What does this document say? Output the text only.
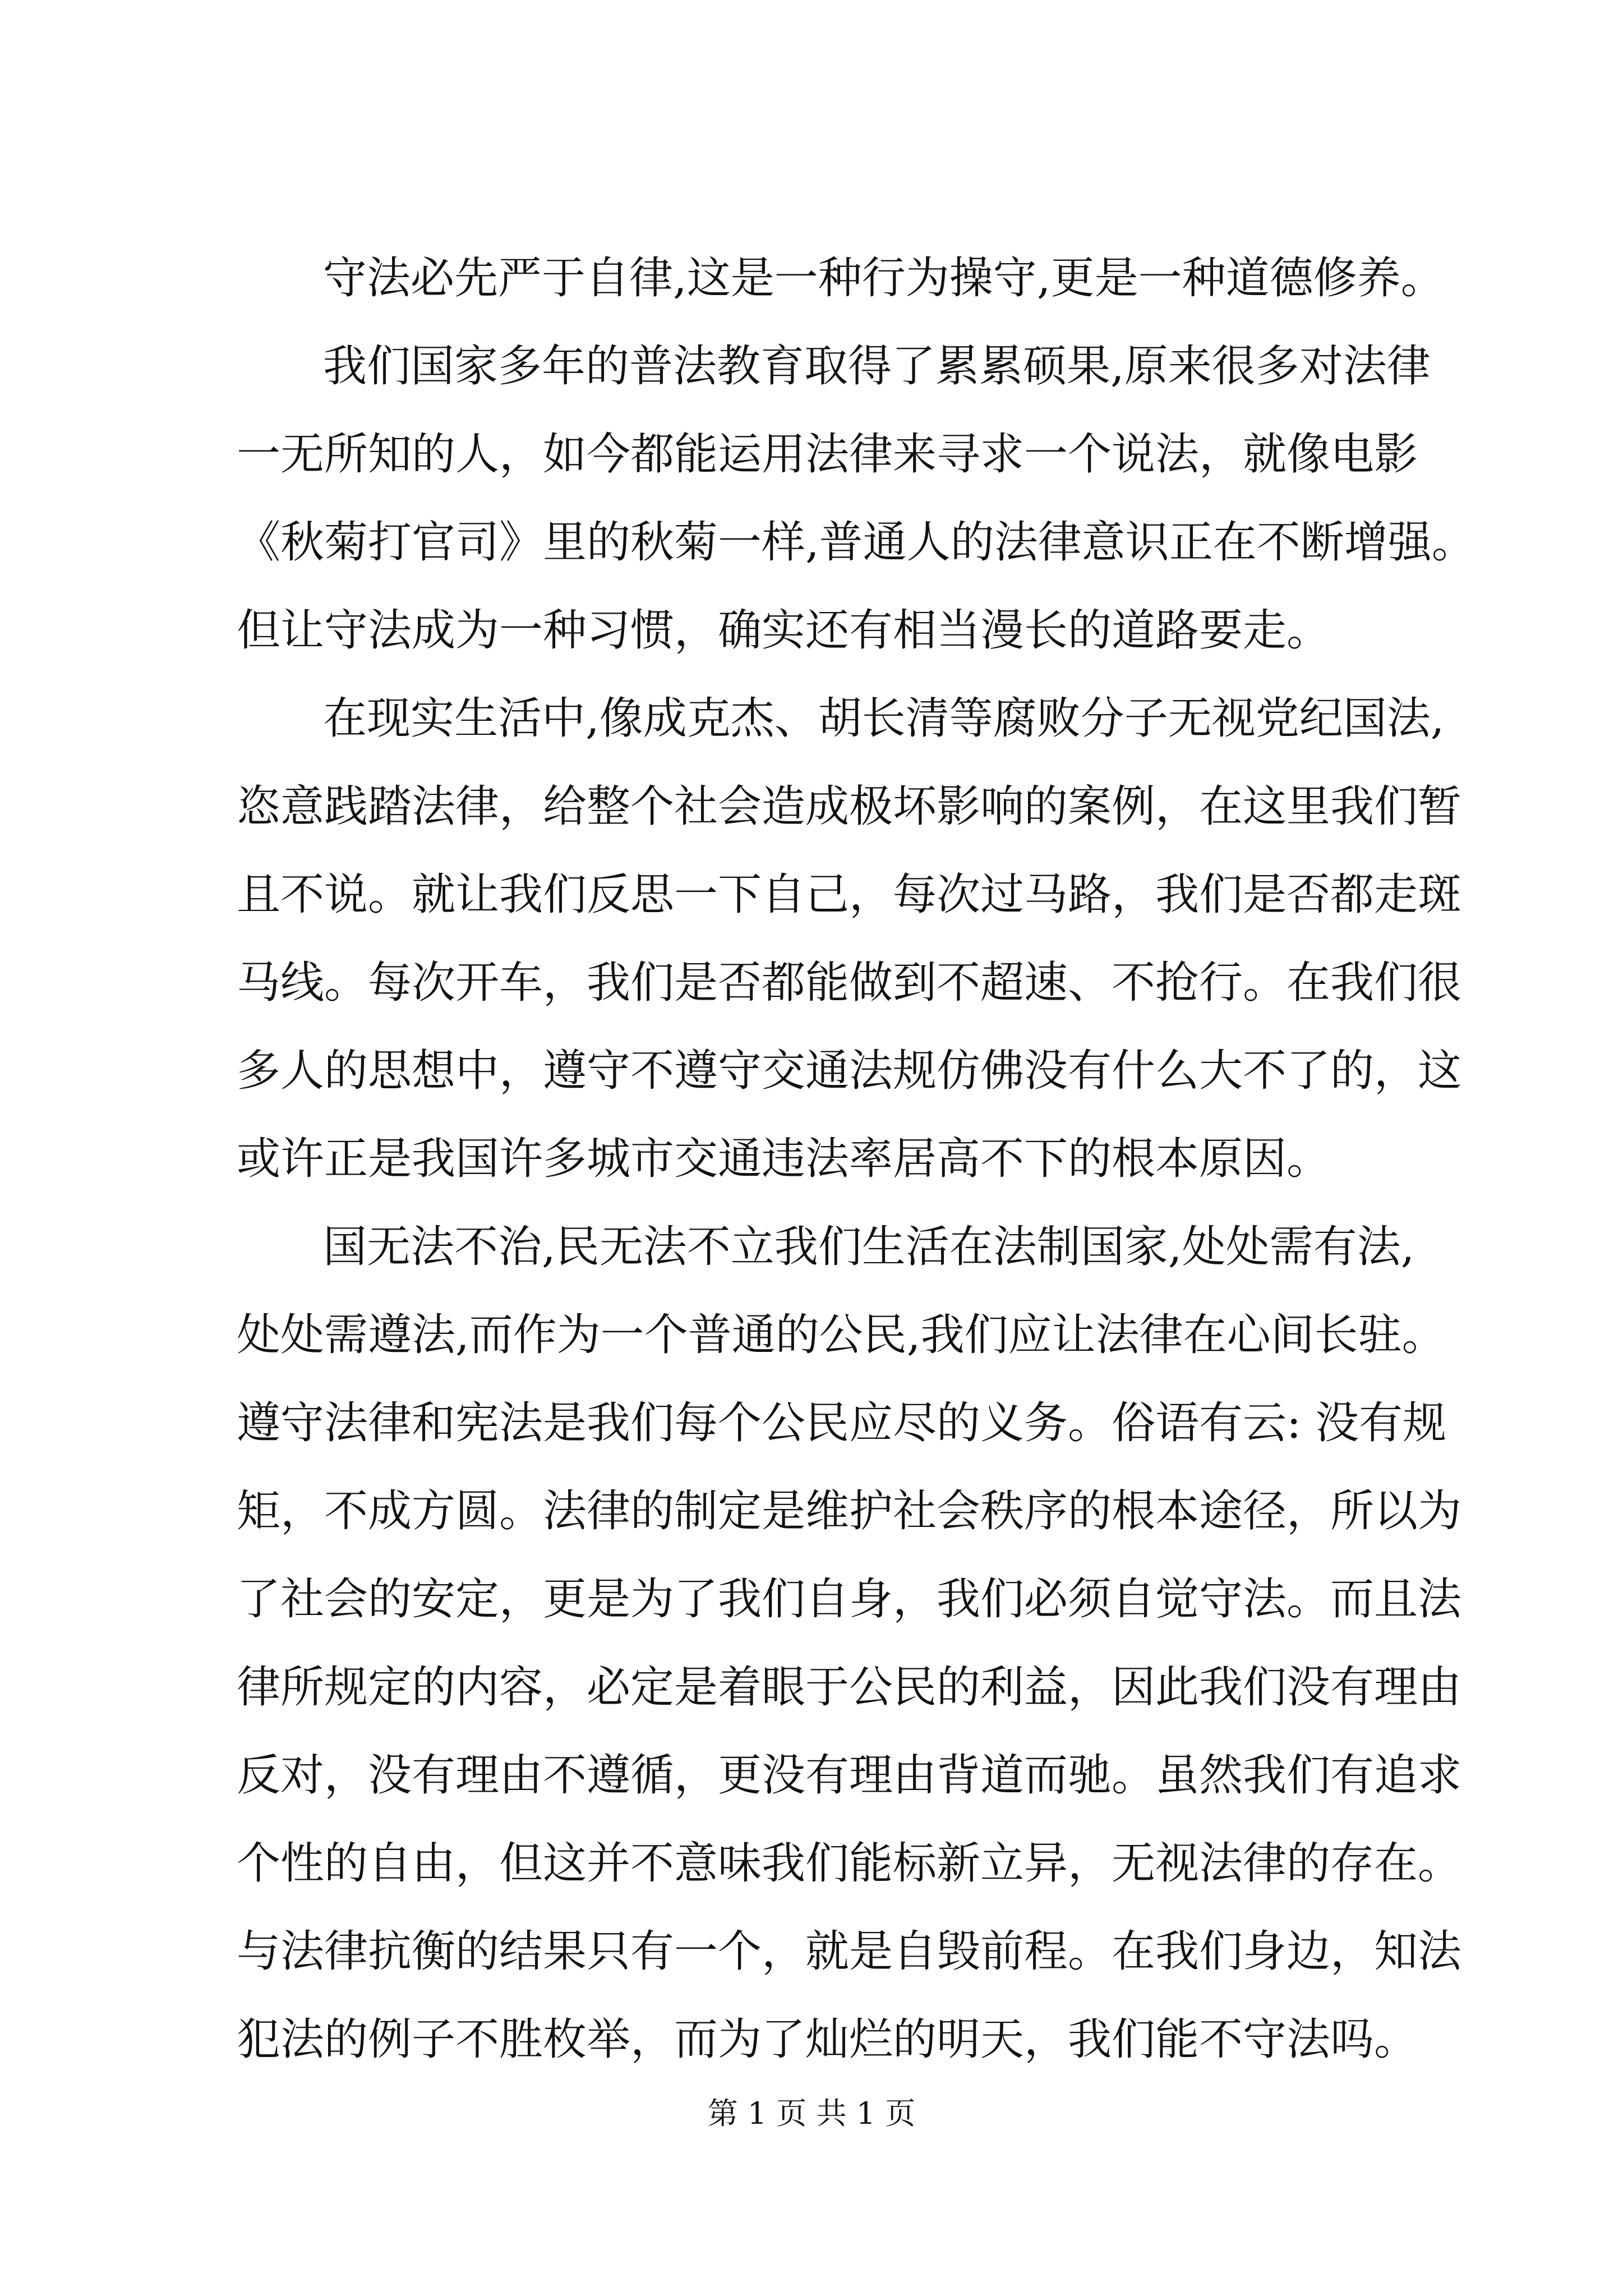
守法必先严于自律,这是一种行为操守,更是一种道德修养。
我们国家多年的普法教育取得了累累硕果,原来很多对法律
一无所知的人，如今都能运用法律来寻求一个说法，就像电影
《秋菊打官司》里的秋菊一样,普通人的法律意识正在不断增强。
但让守法成为一种习惯，确实还有相当漫长的道路要走。
在现实生活中,像成克杰、胡长清等腐败分子无视党纪国法,
恣意践踏法律，给整个社会造成极坏影响的案例，在这里我们暂
且不说。就让我们反思一下自己，每次过马路，我们是否都走斑
马线。每次开车，我们是否都能做到不超速、不抢行。在我们很
多人的思想中，遵守不遵守交通法规仿佛没有什么大不了的，这
或许正是我国许多城市交通违法率居高不下的根本原因。
国无法不治,民无法不立我们生活在法制国家,处处需有法,
处处需遵法,而作为一个普通的公民,我们应让法律在心间长驻。
遵守法律和宪法是我们每个公民应尽的义务。俗语有云: 没有规
矩，不成方圆。法律的制定是维护社会秩序的根本途径，所以为
了社会的安定，更是为了我们自身，我们必须自觉守法。而且法
律所规定的内容，必定是着眼于公民的利益，因此我们没有理由
反对，没有理由不遵循，更没有理由背道而驰。虽然我们有追求
个性的自由，但这并不意味我们能标新立异，无视法律的存在。
与法律抗衡的结果只有一个，就是自毁前程。在我们身边，知法
犯法的例子不胜枚举，而为了灿烂的明天，我们能不守法吗。
第 1 页 共 1 页
